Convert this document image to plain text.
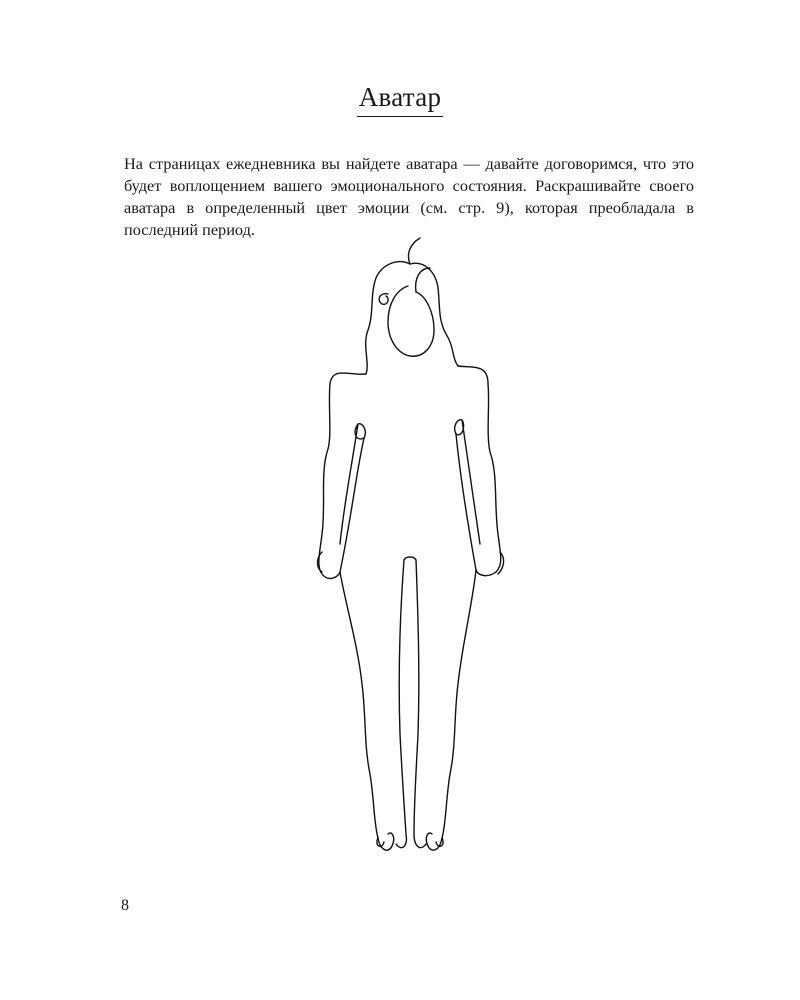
Аватар
На страницах ежедневника вы найдете аватара — давайте договоримся, что это будет воплощением вашего эмоционального состояния. Раскрашивайте своего аватара в определенный цвет эмоции (см. стр. 9), которая преобладала в последний период.
8
